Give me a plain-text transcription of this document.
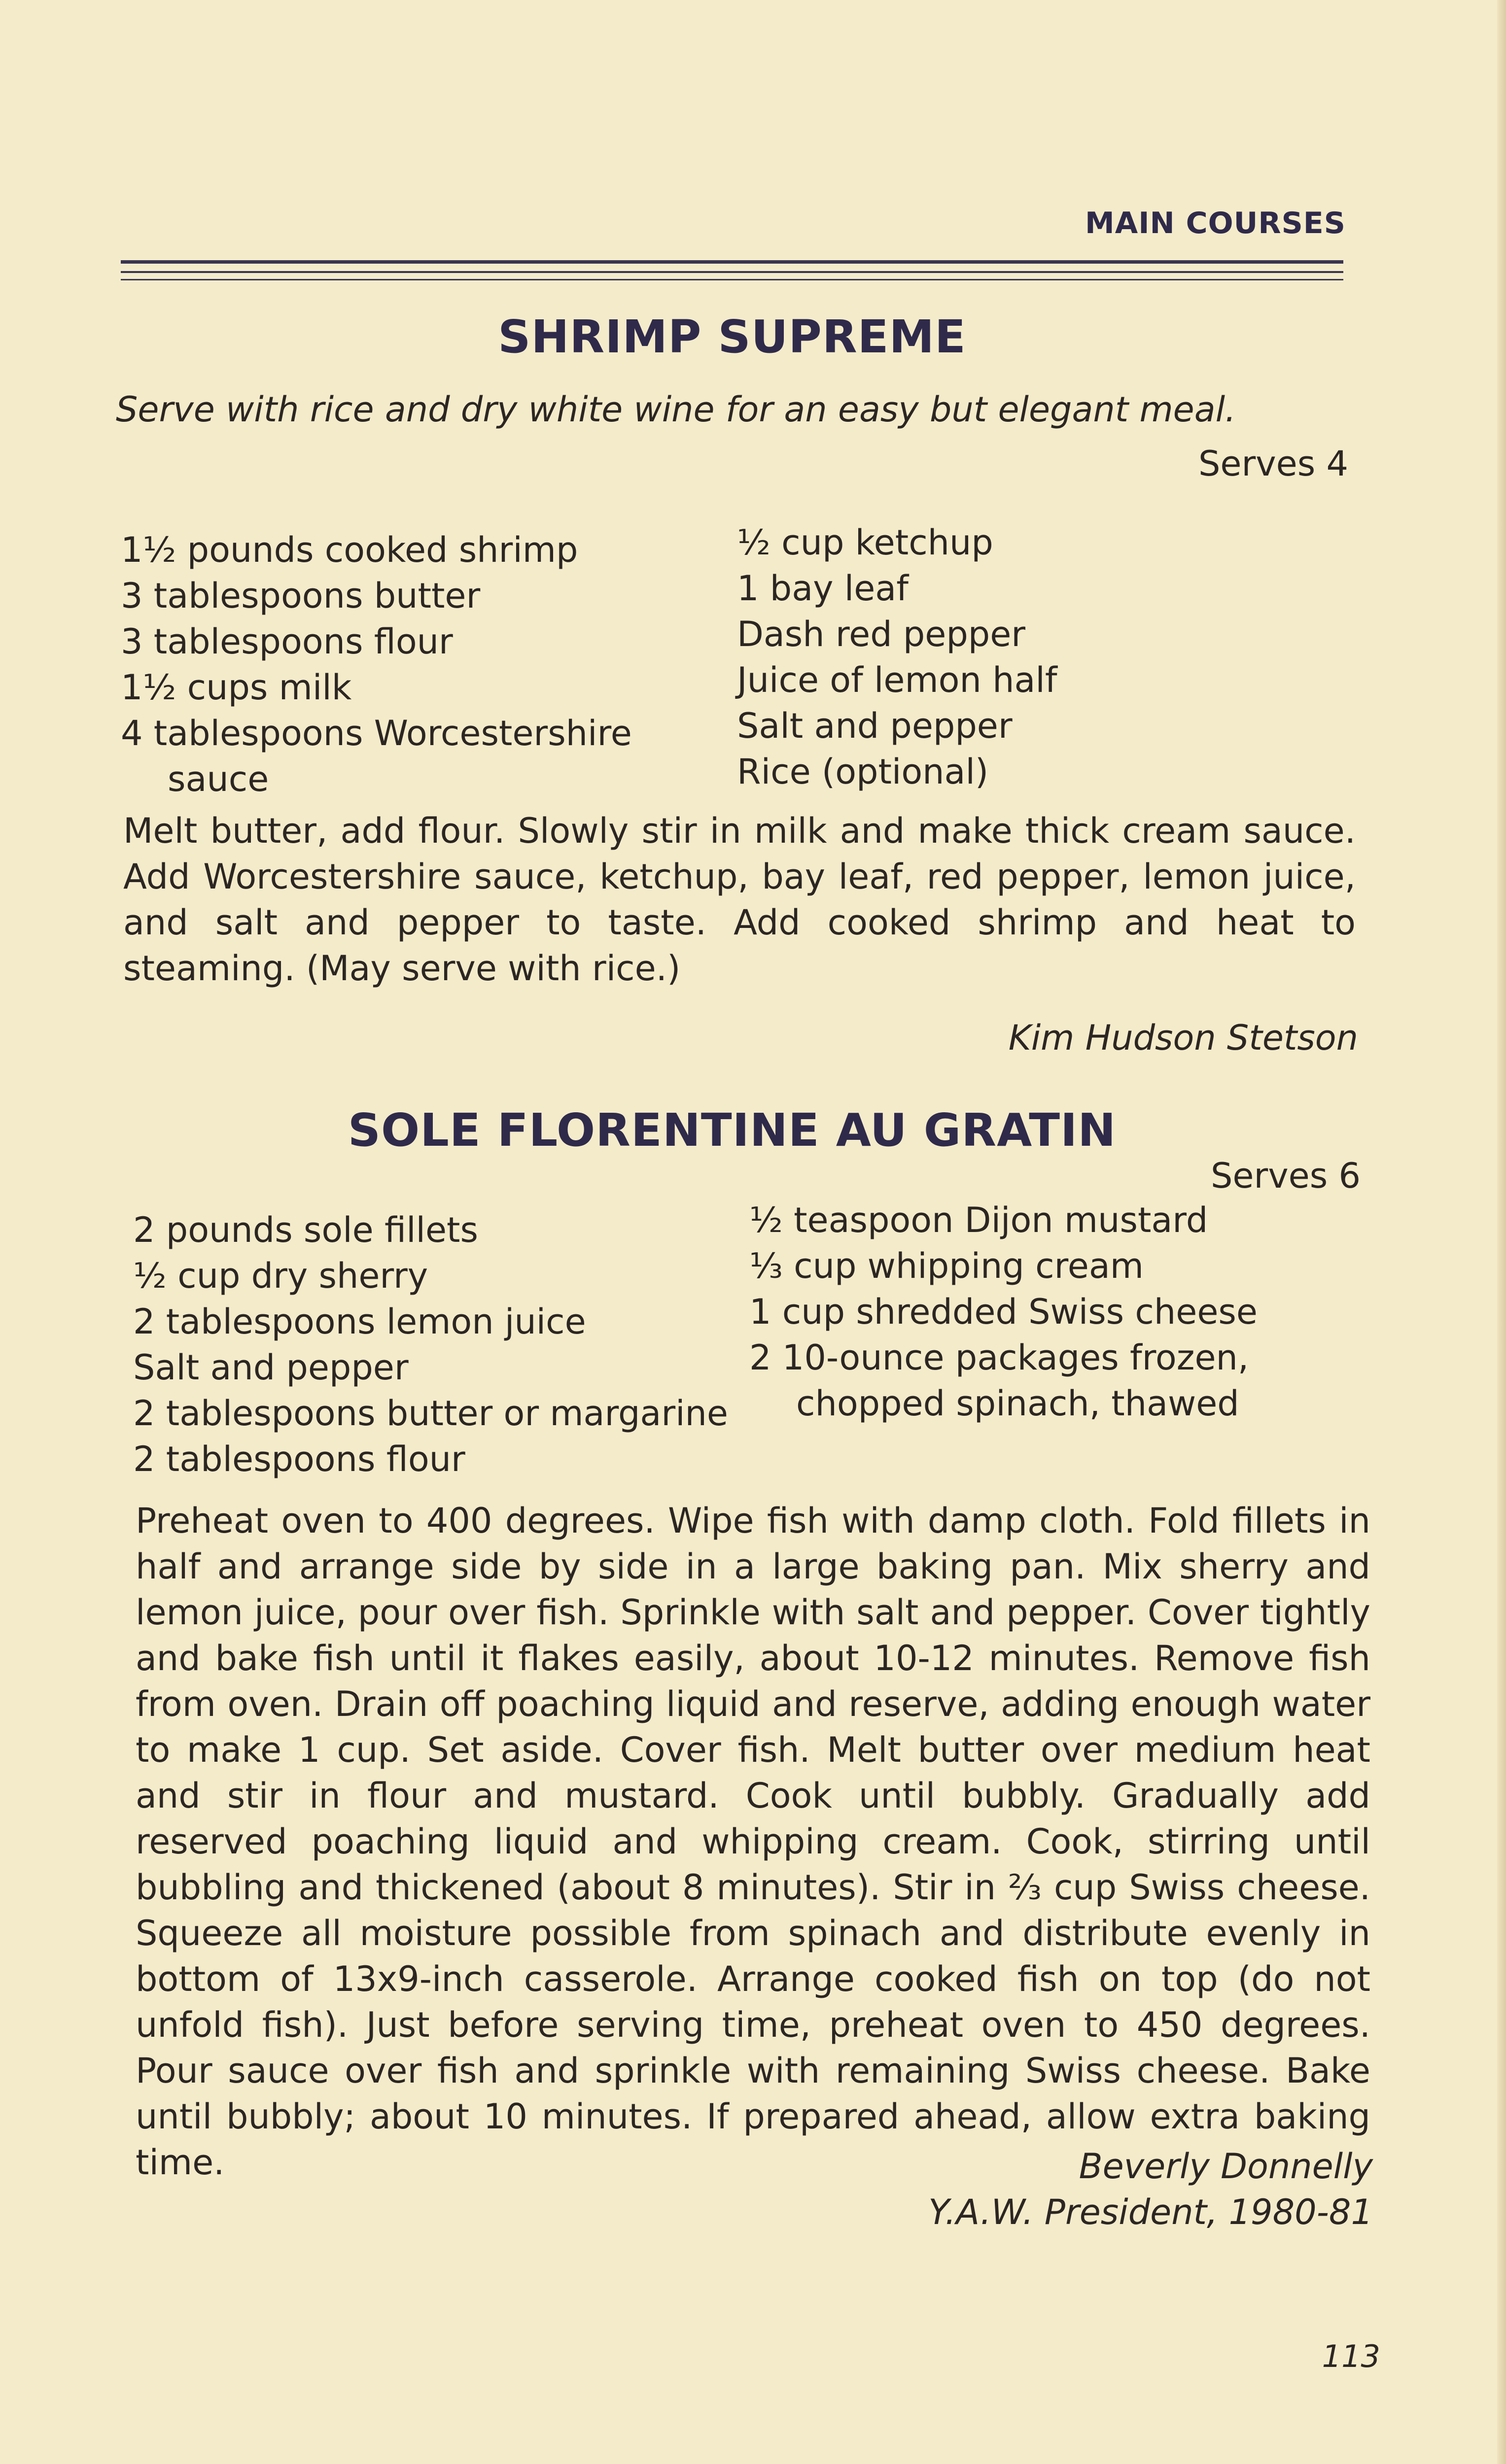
MAIN COURSES
SHRIMP SUPREME
Serve with rice and dry white wine for an easy but elegant meal.
Serves 4
1½ pounds cooked shrimp
3 tablespoons butter
3 tablespoons flour
1½ cups milk
4 tablespoons Worcestershire
sauce
½ cup ketchup
1 bay leaf
Dash red pepper
Juice of lemon half
Salt and pepper
Rice (optional)

Melt butter, add flour. Slowly stir in milk and make thick cream sauce. Add Worcestershire sauce, ketchup, bay leaf, red pepper, lemon juice, and salt and pepper to taste. Add cooked shrimp and heat to steaming. (May serve with rice.)

Kim Hudson Stetson
SOLE FLORENTINE AU GRATIN
Serves 6
2 pounds sole fillets
½ cup dry sherry
2 tablespoons lemon juice
Salt and pepper
2 tablespoons butter or margarine
2 tablespoons flour
½ teaspoon Dijon mustard
⅓ cup whipping cream
1 cup shredded Swiss cheese
2 10-ounce packages frozen,
chopped spinach, thawed

Preheat oven to 400 degrees. Wipe fish with damp cloth. Fold fillets in half and arrange side by side in a large baking pan. Mix sherry and lemon juice, pour over fish. Sprinkle with salt and pepper. Cover tightly and bake fish until it flakes easily, about 10-12 minutes. Remove fish from oven. Drain off poaching liquid and reserve, adding enough water to make 1 cup. Set aside. Cover fish. Melt butter over medium heat and stir in flour and mustard. Cook until bubbly. Gradually add reserved poaching liquid and whipping cream. Cook, stirring until bubbling and thickened (about 8 minutes). Stir in ⅔ cup Swiss cheese. Squeeze all moisture possible from spinach and distribute evenly in bottom of 13x9-inch casserole. Arrange cooked fish on top (do not unfold fish). Just before serving time, preheat oven to 450 degrees. Pour sauce over fish and sprinkle with remaining Swiss cheese. Bake until bubbly; about 10 minutes. If prepared ahead, allow extra baking time.	Beverly Donnelly
Y.A.W. President, 1980-81
113
